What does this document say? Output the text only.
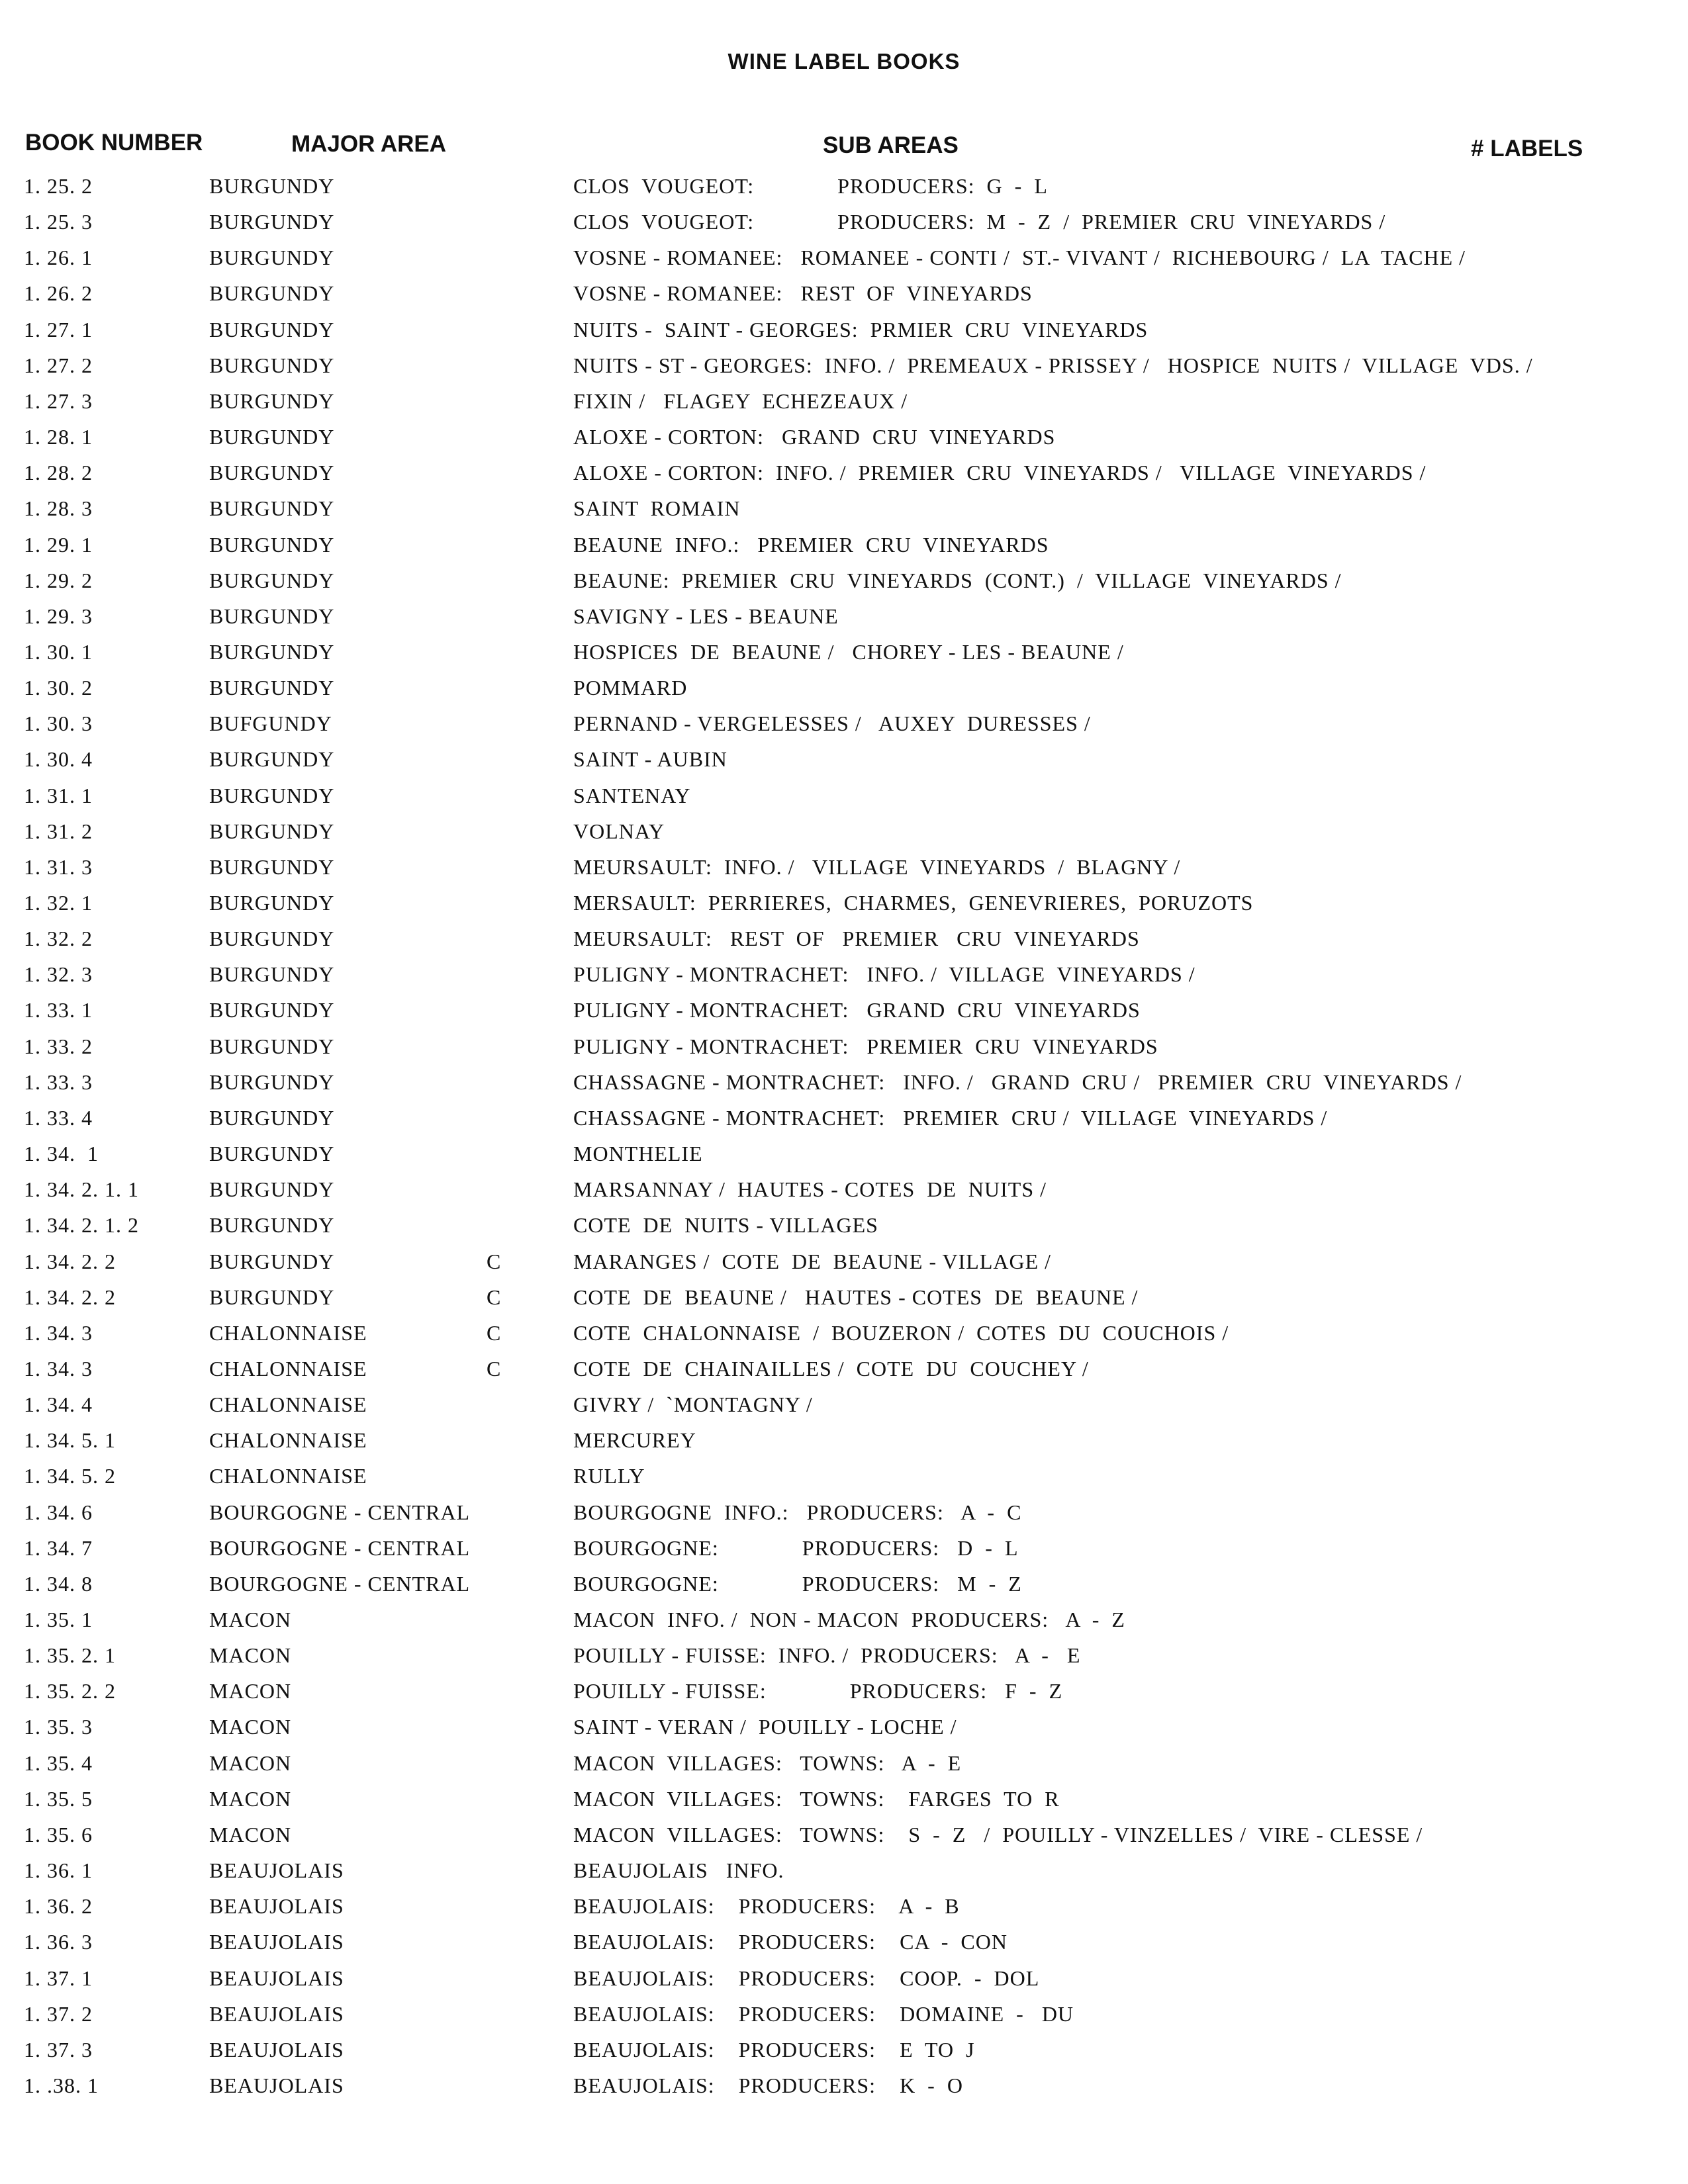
WINE LABEL BOOKS
BOOK NUMBER	MAJOR AREA	SUB AREAS	# LABELS
1. 25. 2	BURGUNDY	CLOS  VOUGEOT:              PRODUCERS:  G  -  L
1. 25. 3	BURGUNDY	CLOS  VOUGEOT:              PRODUCERS:  M  -  Z  /  PREMIER  CRU  VINEYARDS /
1. 26. 1	BURGUNDY	VOSNE - ROMANEE:   ROMANEE - CONTI /  ST.- VIVANT /  RICHEBOURG /  LA  TACHE /
1. 26. 2	BURGUNDY	VOSNE - ROMANEE:   REST  OF  VINEYARDS
1. 27. 1	BURGUNDY	NUITS -  SAINT - GEORGES:  PRMIER  CRU  VINEYARDS
1. 27. 2	BURGUNDY	NUITS - ST - GEORGES:  INFO. /  PREMEAUX - PRISSEY /   HOSPICE  NUITS /  VILLAGE  VDS. /
1. 27. 3	BURGUNDY	FIXIN /   FLAGEY  ECHEZEAUX /
1. 28. 1	BURGUNDY	ALOXE - CORTON:   GRAND  CRU  VINEYARDS
1. 28. 2	BURGUNDY	ALOXE - CORTON:  INFO. /  PREMIER  CRU  VINEYARDS /   VILLAGE  VINEYARDS /
1. 28. 3	BURGUNDY	SAINT  ROMAIN
1. 29. 1	BURGUNDY	BEAUNE  INFO.:   PREMIER  CRU  VINEYARDS
1. 29. 2	BURGUNDY	BEAUNE:  PREMIER  CRU  VINEYARDS  (CONT.)  /  VILLAGE  VINEYARDS /
1. 29. 3	BURGUNDY	SAVIGNY - LES - BEAUNE
1. 30. 1	BURGUNDY	HOSPICES  DE  BEAUNE /   CHOREY - LES - BEAUNE /
1. 30. 2	BURGUNDY	POMMARD
1. 30. 3	BUFGUNDY	PERNAND - VERGELESSES /   AUXEY  DURESSES /
1. 30. 4	BURGUNDY	SAINT - AUBIN
1. 31. 1	BURGUNDY	SANTENAY
1. 31. 2	BURGUNDY	VOLNAY
1. 31. 3	BURGUNDY	MEURSAULT:  INFO. /   VILLAGE  VINEYARDS  /  BLAGNY /
1. 32. 1	BURGUNDY	MERSAULT:  PERRIERES,  CHARMES,  GENEVRIERES,  PORUZOTS
1. 32. 2	BURGUNDY	MEURSAULT:   REST  OF   PREMIER   CRU  VINEYARDS
1. 32. 3	BURGUNDY	PULIGNY - MONTRACHET:   INFO. /  VILLAGE  VINEYARDS /
1. 33. 1	BURGUNDY	PULIGNY - MONTRACHET:   GRAND  CRU  VINEYARDS
1. 33. 2	BURGUNDY	PULIGNY - MONTRACHET:   PREMIER  CRU  VINEYARDS
1. 33. 3	BURGUNDY	CHASSAGNE - MONTRACHET:   INFO. /   GRAND  CRU /   PREMIER  CRU  VINEYARDS /
1. 33. 4	BURGUNDY	CHASSAGNE - MONTRACHET:   PREMIER  CRU /  VILLAGE  VINEYARDS /
1. 34.  1	BURGUNDY	MONTHELIE
1. 34. 2. 1. 1	BURGUNDY	MARSANNAY /  HAUTES - COTES  DE  NUITS /
1. 34. 2. 1. 2	BURGUNDY	COTE  DE  NUITS - VILLAGES
1. 34. 2. 2	BURGUNDY	C	MARANGES /  COTE  DE  BEAUNE - VILLAGE /
1. 34. 2. 2	BURGUNDY	C	COTE  DE  BEAUNE /   HAUTES - COTES  DE  BEAUNE /
1. 34. 3	CHALONNAISE	C	COTE  CHALONNAISE  /  BOUZERON /  COTES  DU  COUCHOIS /
1. 34. 3	CHALONNAISE	C	COTE  DE  CHAINAILLES /  COTE  DU  COUCHEY /
1. 34. 4	CHALONNAISE	GIVRY /  `MONTAGNY /
1. 34. 5. 1	CHALONNAISE	MERCUREY
1. 34. 5. 2	CHALONNAISE	RULLY
1. 34. 6	BOURGOGNE - CENTRAL	BOURGOGNE  INFO.:   PRODUCERS:   A  -  C
1. 34. 7	BOURGOGNE - CENTRAL	BOURGOGNE:              PRODUCERS:   D  -  L
1. 34. 8	BOURGOGNE - CENTRAL	BOURGOGNE:              PRODUCERS:   M  -  Z
1. 35. 1	MACON	MACON  INFO. /  NON - MACON  PRODUCERS:   A  -  Z
1. 35. 2. 1	MACON	POUILLY - FUISSE:  INFO. /  PRODUCERS:   A  -   E
1. 35. 2. 2	MACON	POUILLY - FUISSE:              PRODUCERS:   F  -  Z
1. 35. 3	MACON	SAINT - VERAN /  POUILLY - LOCHE /
1. 35. 4	MACON	MACON  VILLAGES:   TOWNS:   A  -  E
1. 35. 5	MACON	MACON  VILLAGES:   TOWNS:    FARGES  TO  R
1. 35. 6	MACON	MACON  VILLAGES:   TOWNS:    S  -  Z   /  POUILLY - VINZELLES /  VIRE - CLESSE /
1. 36. 1	BEAUJOLAIS	BEAUJOLAIS   INFO.
1. 36. 2	BEAUJOLAIS	BEAUJOLAIS:    PRODUCERS:    A  -  B
1. 36. 3	BEAUJOLAIS	BEAUJOLAIS:    PRODUCERS:    CA  -  CON
1. 37. 1	BEAUJOLAIS	BEAUJOLAIS:    PRODUCERS:    COOP.  -  DOL
1. 37. 2	BEAUJOLAIS	BEAUJOLAIS:    PRODUCERS:    DOMAINE  -   DU
1. 37. 3	BEAUJOLAIS	BEAUJOLAIS:    PRODUCERS:    E  TO  J
1. .38. 1	BEAUJOLAIS	BEAUJOLAIS:    PRODUCERS:    K  -  O
